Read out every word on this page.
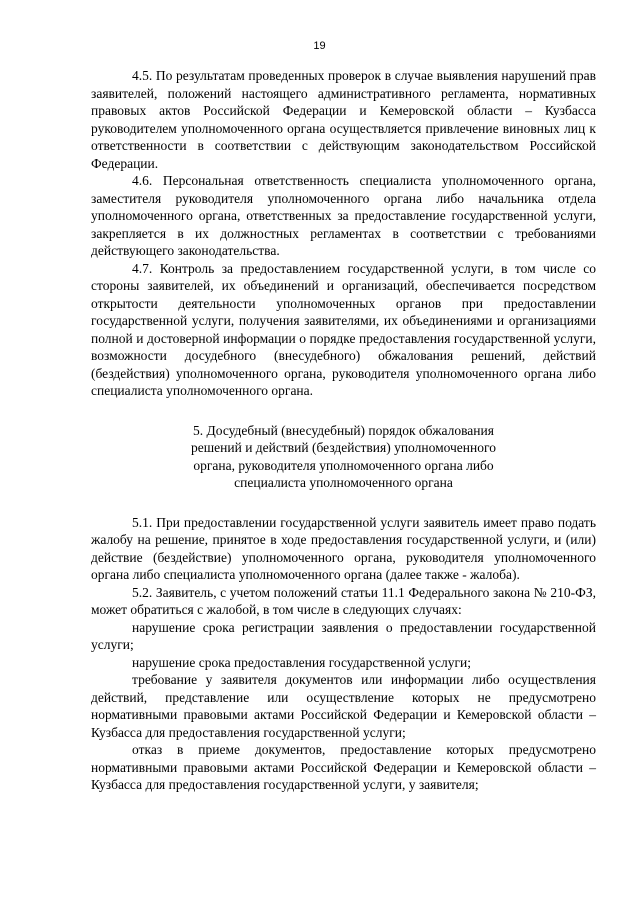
19

4.5. По результатам проведенных проверок в случае выявления нарушений прав заявителей, положений настоящего административного регламента, нормативных правовых актов Российской Федерации и Кемеровской области – Кузбасса руководителем уполномоченного органа осуществляется привлечение виновных лиц к ответственности в соответствии с действующим законодательством Российской Федерации.

4.6. Персональная ответственность специалиста уполномоченного органа, заместителя руководителя уполномоченного органа либо начальника отдела уполномоченного органа, ответственных за предоставление государственной услуги, закрепляется в их должностных регламентах в соответствии с требованиями действующего законодательства.

4.7. Контроль за предоставлением государственной услуги, в том числе со стороны заявителей, их объединений и организаций, обеспечивается посредством открытости деятельности уполномоченных органов при предоставлении государственной услуги, получения заявителями, их объединениями и организациями полной и достоверной информации о порядке предоставления государственной услуги, возможности досудебного (внесудебного) обжалования решений, действий (бездействия) уполномоченного органа, руководителя уполномоченного органа либо специалиста уполномоченного органа.

5. Досудебный (внесудебный) порядок обжалования
решений и действий (бездействия) уполномоченного
органа, руководителя уполномоченного органа либо
специалиста уполномоченного органа

5.1. При предоставлении государственной услуги заявитель имеет право подать жалобу на решение, принятое в ходе предоставления государственной услуги, и (или) действие (бездействие) уполномоченного органа, руководителя уполномоченного органа либо специалиста уполномоченного органа (далее также - жалоба).

5.2. Заявитель, с учетом положений статьи 11.1 Федерального закона № 210-ФЗ, может обратиться с жалобой, в том числе в следующих случаях:

нарушение срока регистрации заявления о предоставлении государственной услуги;

нарушение срока предоставления государственной услуги;

требование у заявителя документов или информации либо осуществления действий, представление или осуществление которых не предусмотрено нормативными правовыми актами Российской Федерации и Кемеровской области – Кузбасса для предоставления государственной услуги;

отказ в приеме документов, предоставление которых предусмотрено нормативными правовыми актами Российской Федерации и Кемеровской области – Кузбасса для предоставления государственной услуги, у заявителя;
